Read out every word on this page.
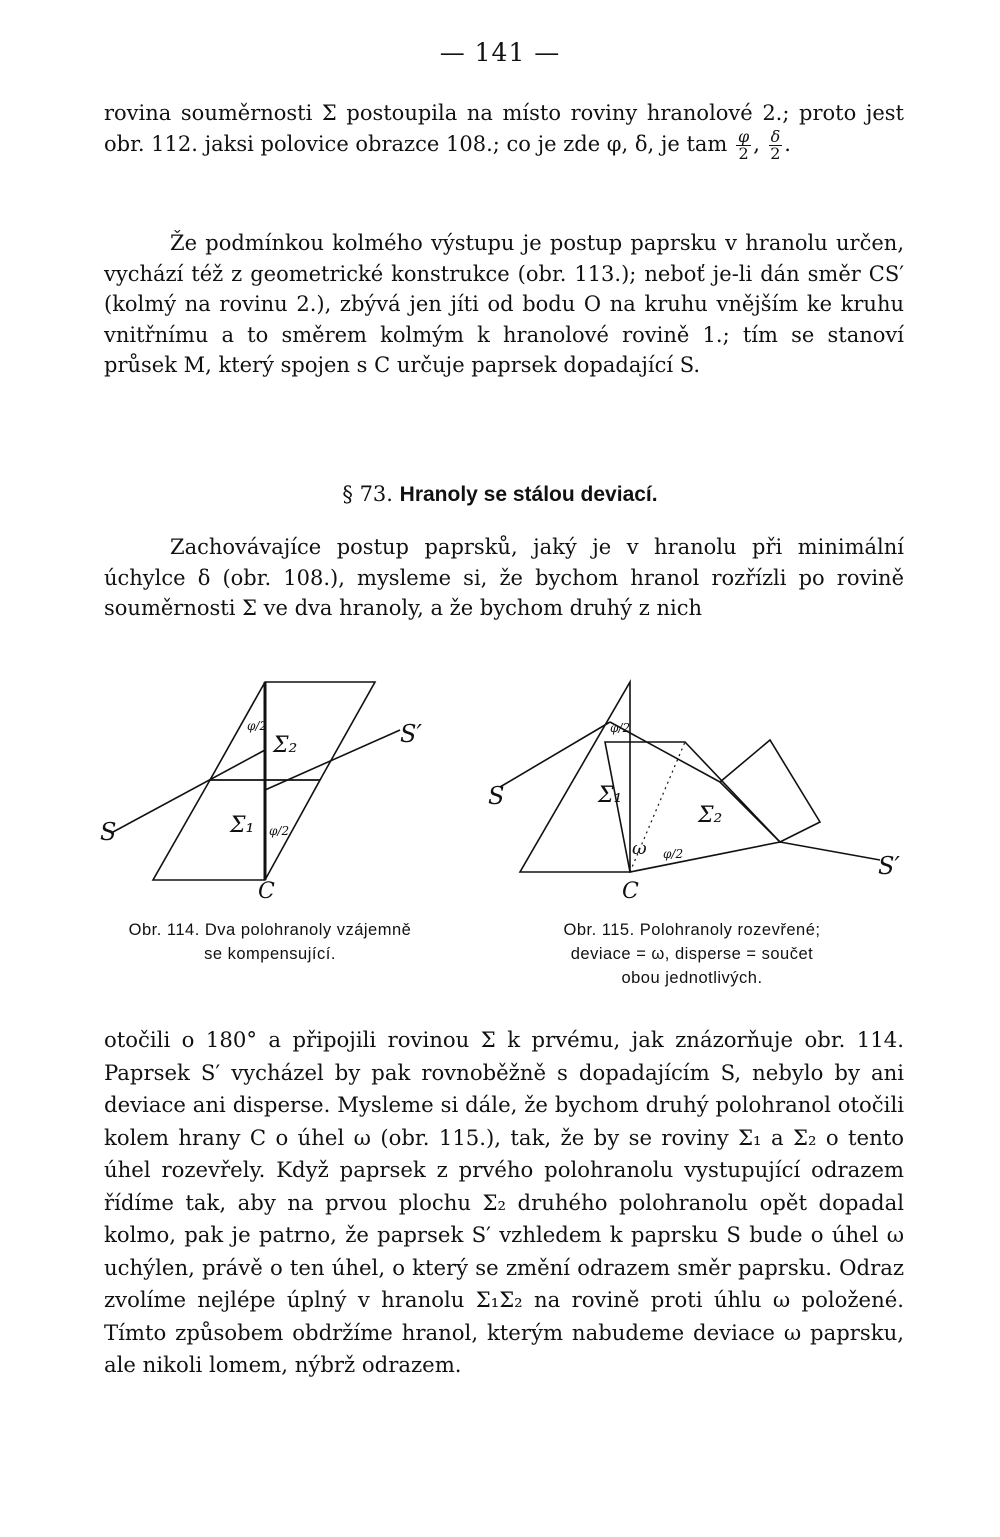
— 141 —

rovina souměrnosti Σ postoupila na místo roviny hranolové 2.; proto jest obr. 112. jaksi polovice obrazce 108.; co je zde φ, δ, je tam $\frac{\varphi}{2}$ , $\frac{\delta}{2}$ .

Že podmínkou kolmého výstupu je postup paprsku v hranolu určen, vychází též z geometrické konstrukce (obr. 113.); neboť je-li dán směr CS′ (kolmý na rovinu 2.), zbývá jen jíti od bodu O na kruhu vnějším ke kruhu vnitřnímu a to směrem kolmým k hranolové rovině 1.; tím se stanoví průsek M, který spojen s C určuje paprsek dopadající S.

§ 73. Hranoly se stálou deviací.

Zachovávajíce postup paprsků, jaký je v hranolu při minimální úchylce δ (obr. 108.), mysleme si, že bychom hranol rozřízli po rovině souměrnosti Σ ve dva hranoly, a že bychom druhý z nich

S
S′
C
Σ₂
Σ₁
φ/2
φ/2
S
S′
C
Σ₁
Σ₂
ω
φ/2
φ/2
Obr. 114. Dva polohranoly vzájemně
se kompensující.
Obr. 115. Polohranoly rozevřené;
deviace = ω, disperse = součet
obou jednotlivých.

otočili o 180° a připojili rovinou Σ k prvému, jak znázorňuje obr. 114. Paprsek S′ vycházel by pak rovnoběžně s dopadajícím S, nebylo by ani deviace ani disperse. Mysleme si dále, že bychom druhý polohranol otočili kolem hrany C o úhel ω (obr. 115.), tak, že by se roviny Σ₁ a Σ₂ o tento úhel rozevřely. Když paprsek z prvého polohranolu vystupující odrazem řídíme tak, aby na prvou plochu Σ₂ druhého polohranolu opět dopadal kolmo, pak je patrno, že paprsek S′ vzhledem k paprsku S bude o úhel ω uchýlen, právě o ten úhel, o který se změní odrazem směr paprsku. Odraz zvolíme nejlépe úplný v hranolu Σ₁Σ₂ na rovině proti úhlu ω položené. Tímto způsobem obdržíme hranol, kterým nabudeme deviace ω paprsku, ale nikoli lomem, nýbrž odrazem.
